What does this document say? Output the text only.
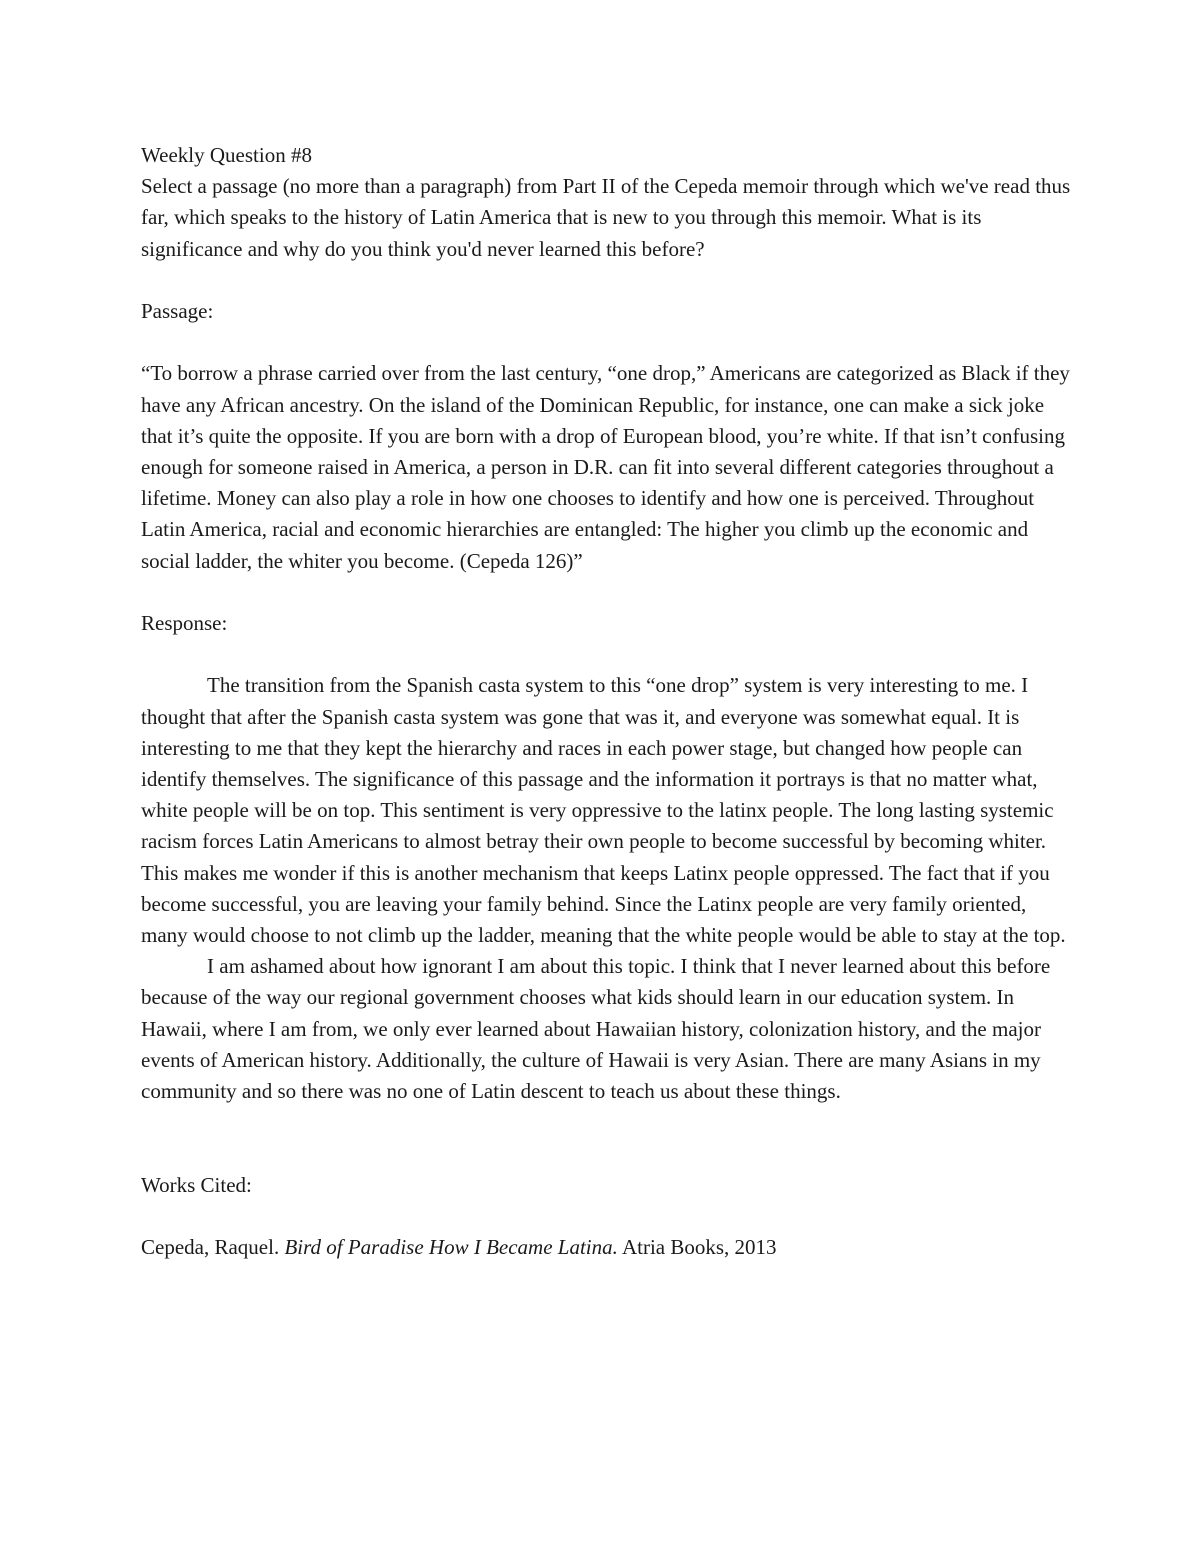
Weekly Question #8

Select a passage (no more than a paragraph) from Part II of the Cepeda memoir through which we've read thus far, which speaks to the history of Latin America that is new to you through this memoir. What is its significance and why do you think you'd never learned this before?

Passage:

“To borrow a phrase carried over from the last century, “one drop,” Americans are categorized as Black if they have any African ancestry. On the island of the Dominican Republic, for instance, one can make a sick joke that it’s quite the opposite. If you are born with a drop of European blood, you’re white. If that isn’t confusing enough for someone raised in America, a person in D.R. can fit into several different categories throughout a lifetime. Money can also play a role in how one chooses to identify and how one is perceived. Throughout Latin America, racial and economic hierarchies are entangled: The higher you climb up the economic and social ladder, the whiter you become. (Cepeda 126)”

Response:

The transition from the Spanish casta system to this “one drop” system is very interesting to me. I thought that after the Spanish casta system was gone that was it, and everyone was somewhat equal. It is interesting to me that they kept the hierarchy and races in each power stage, but changed how people can identify themselves. The significance of this passage and the information it portrays is that no matter what, white people will be on top. This sentiment is very oppressive to the latinx people. The long lasting systemic racism forces Latin Americans to almost betray their own people to become successful by becoming whiter. This makes me wonder if this is another mechanism that keeps Latinx people oppressed. The fact that if you become successful, you are leaving your family behind. Since the Latinx people are very family oriented, many would choose to not climb up the ladder, meaning that the white people would be able to stay at the top.

I am ashamed about how ignorant I am about this topic. I think that I never learned about this before because of the way our regional government chooses what kids should learn in our education system. In Hawaii, where I am from, we only ever learned about Hawaiian history, colonization history, and the major events of American history. Additionally, the culture of Hawaii is very Asian. There are many Asians in my community and so there was no one of Latin descent to teach us about these things.

Works Cited:

Cepeda, Raquel. Bird of Paradise How I Became Latina. Atria Books, 2013
